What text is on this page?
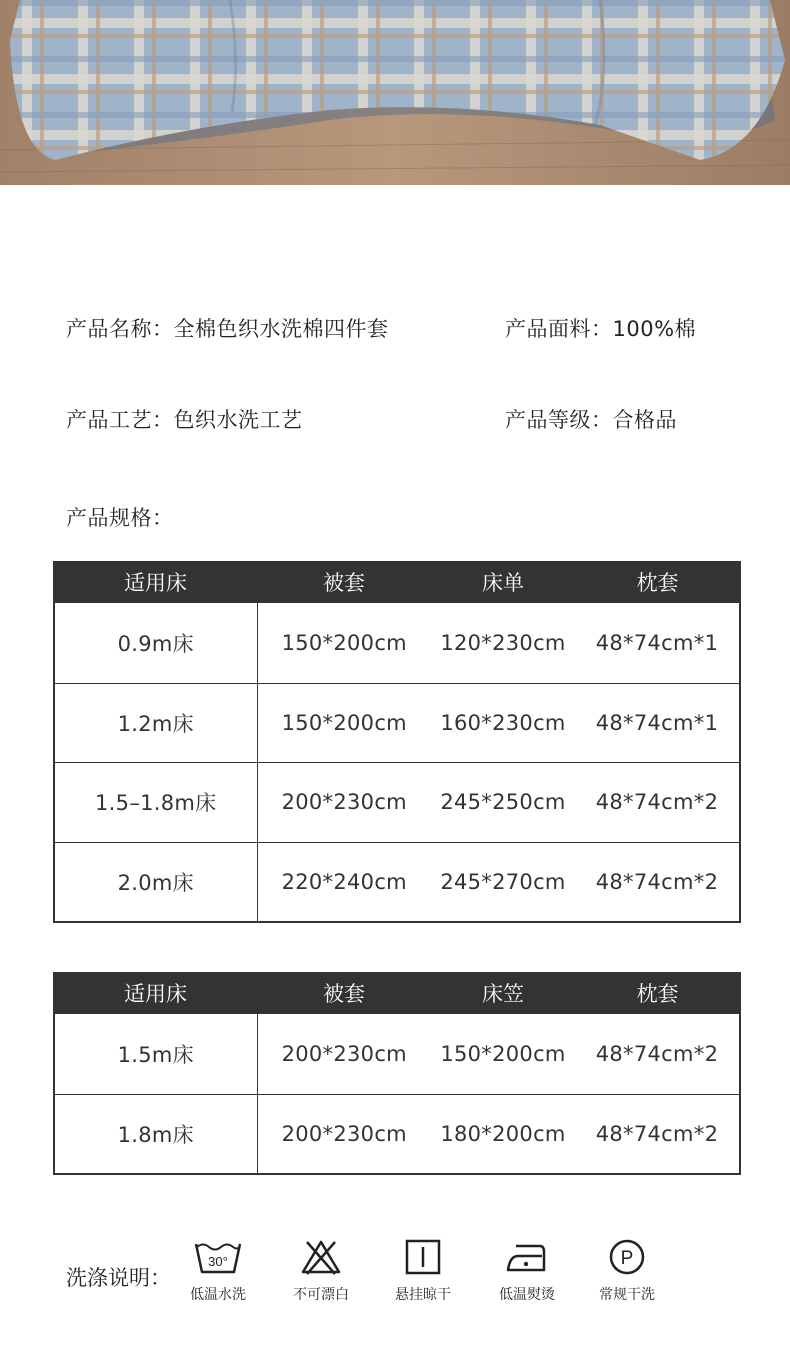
产品名称：全棉色织水洗棉四件套	产品面料：100%棉
产品工艺：色织水洗工艺	产品等级：合格品
产品规格：
适用床	被套	床单	枕套
0.9m床	150*200cm	120*230cm	48*74cm*1
1.2m床	150*200cm	160*230cm	48*74cm*1
1.5–1.8m床	200*230cm	245*250cm	48*74cm*2
2.0m床	220*240cm	245*270cm	48*74cm*2
适用床	被套	床笠	枕套
1.5m床	200*230cm	150*200cm	48*74cm*2
1.8m床	200*230cm	180*200cm	48*74cm*2
洗涤说明：
30°
低温水洗	不可漂白	悬挂晾干	低温熨烫
P
常规干洗
